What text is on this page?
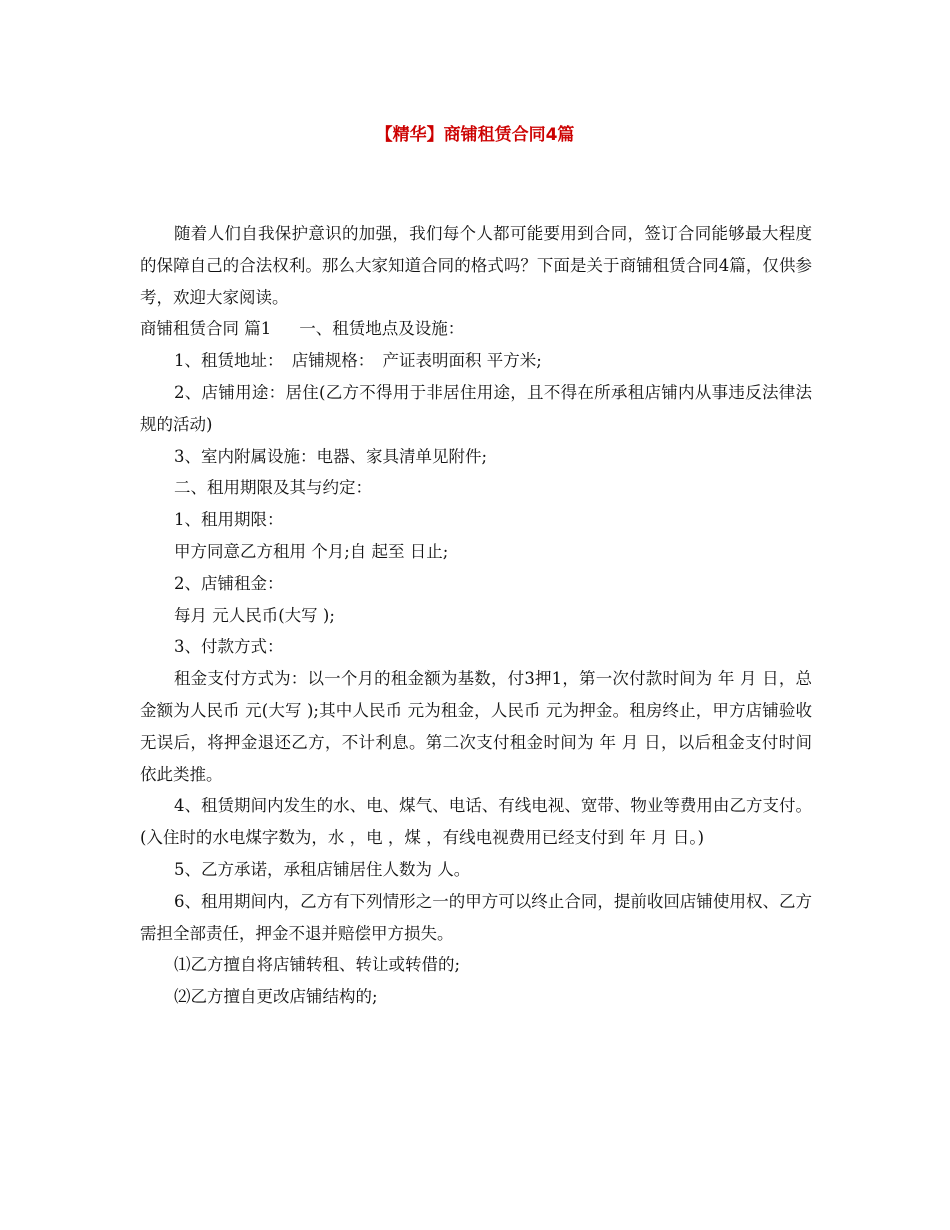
【精华】商铺租赁合同4篇

随着人们自我保护意识的加强，我们每个人都可能要用到合同，签订合同能够最大程度的保障自己的合法权利。那么大家知道合同的格式吗？下面是关于商铺租赁合同4篇，仅供参考，欢迎大家阅读。

商铺租赁合同 篇1 一、租赁地点及设施：

1、租赁地址：　店铺规格：　产证表明面积 平方米;

2、店铺用途：居住(乙方不得用于非居住用途，且不得在所承租店铺内从事违反法律法规的活动)

3、室内附属设施：电器、家具清单见附件;

二、租用期限及其与约定：

1、租用期限：

甲方同意乙方租用 个月;自 起至 日止;

2、店铺租金：

每月 元人民币(大写 );

3、付款方式：

租金支付方式为：以一个月的租金额为基数，付3押1，第一次付款时间为 年 月 日，总金额为人民币 元(大写 );其中人民币 元为租金，人民币 元为押金。租房终止，甲方店铺验收无误后，将押金退还乙方，不计利息。第二次支付租金时间为 年 月 日，以后租金支付时间依此类推。

4、租赁期间内发生的水、电、煤气、电话、有线电视、宽带、物业等费用由乙方支付。(入住时的水电煤字数为，水 ，电 ，煤 ，有线电视费用已经支付到 年 月 日。)

5、乙方承诺，承租店铺居住人数为 人。

6、租用期间内，乙方有下列情形之一的甲方可以终止合同，提前收回店铺使用权、乙方需担全部责任，押金不退并赔偿甲方损失。

⑴乙方擅自将店铺转租、转让或转借的;

⑵乙方擅自更改店铺结构的;
